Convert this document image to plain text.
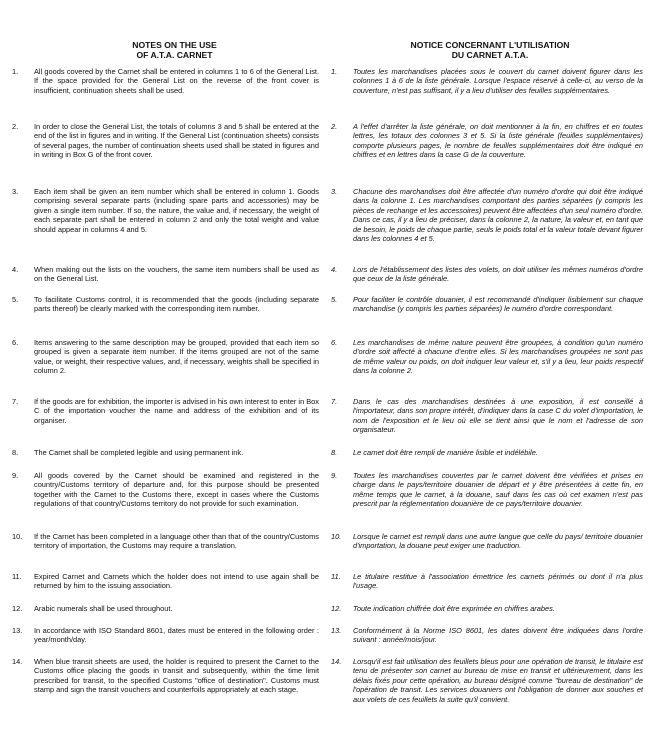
NOTES ON THE USE
OF A.T.A. CARNET
1.	All goods covered by the Carnet shall be entered in columns 1 to 6 of the General List. If the space provided for the General List on the reverse of the front cover is insufficient, continuation sheets shall be used.
2.	In order to close the General List, the totals of columns 3 and 5 shall be entered at the end of the list in figures and in writing. If the General List (continuation sheets) consists of several pages, the number of continuation sheets used shall be stated in figures and in writing in Box G of the front cover.
3.	Each item shall be given an item number which shall be entered in column 1. Goods comprising several separate parts (including spare parts and accessories) may be given a single item number. If so, the nature, the value and, if necessary, the weight of each separate part shall be entered in column 2 and only the total weight and value should appear in columns 4 and 5.
4.	When making out the lists on the vouchers, the same item numbers shall be used as on the General List.
5.	To facilitate Customs control, it is recommended that the goods (including separate parts thereof) be clearly marked with the corresponding item number.
6.	Items answering to the same description may be grouped, provided that each item so grouped is given a separate item number. If the items grouped are not of the same value, or weight, their respective values, and, if necessary, weights shall be specified in column 2.
7.	If the goods are for exhibition, the importer is advised in his own interest to enter in Box C of the importation voucher the name and address of the exhibition and of its organiser.
8.	The Carnet shall be completed legible and using permanent ink.
9.	All goods covered by the Carnet should be examined and registered in the country/Customs territory of departure and, for this purpose should be presented together with the Carnet to the Customs there, except in cases where the Customs regulations of that country/Customs territory do not provide for such examination.
10.	If the Carnet has been completed in a language other than that of the country/Customs territory of importation, the Customs may require a translation.
11.	Expired Carnet and Carnets which the holder does not intend to use again shall be returned by him to the issuing association.
12.	Arabic numerals shall be used throughout.
13.	In accordance with ISO Standard 8601, dates must be entered in the following order : year/month/day.
14.	When blue transit sheets are used, the holder is required to present the Carnet to the Customs office placing the goods in transit and subsequently, within the time limit prescribed for transit, to the specified Customs "office of destination". Customs must stamp and sign the transit vouchers and counterfoils appropriately at each stage.
NOTICE CONCERNANT L'UTILISATION
DU CARNET A.T.A.
1.	Toutes les marchandises placées sous le couvert du carnet doivent figurer dans les colonnes 1 à 6 de la liste générale. Lorsque l'espace réservé à celle-ci, au verso de la couverture, n'est pas suffisant, il y a lieu d'utiliser des feuilles supplémentaires.
2.	A l'effet d'arrêter la liste générale, on doit mentionner à la fin, en chiffres et en toutes lettres, les totaux des colonnes 3 et 5. Si la liste générale (feuilles supplémentaires) comporte plusieurs pages, le nombre de feuilles supplémentaires doit être indiqué en chiffres et en lettres dans la case G de la couverture.
3.	Chacune des marchandises doit être affectée d'un numéro d'ordre qui doit être indiqué dans la colonne 1. Les marchandises comportant des parties séparées (y compris les pièces de rechange et les accessoires) peuvent être affectées d'un seul numéro d'ordre. Dans ce cas, il y a lieu de préciser, dans la colonne 2, la nature, la valeur et, en tant que de besoin, le poids de chaque partie, seuls le poids total et la valeur totale devant figurer dans les colonnes 4 et 5.
4.	Lors de l'établissement des listes des volets, on doit utiliser les mêmes numéros d'ordre que ceux de la liste générale.
5.	Pour faciliter le contrôle douanier, il est recommandé d'indiquer lisiblement sur chaque marchandise (y compris les parties séparées) le numéro d'ordre correspondant.
6.	Les marchandises de même nature peuvent être groupées, à condition qu'un numéro d'ordre soit affecté à chacune d'entre elles. Si les marchandises groupées ne sont pas de même valeur ou poids, on doit indiquer leur valeur et, s'il y a lieu, leur poids respectif dans la colonne 2.
7.	Dans le cas des marchandises destinées à une exposition, il est conseillé à l'importateur, dans son propre intérêt, d'indiquer dans la case C du volet d'importation, le nom de l'exposition et le lieu où elle se tient ainsi que le nom et l'adresse de son organisateur.
8.	Le carnet doit être rempli de manière lisible et indélébile.
9.	Toutes les marchandises couvertes par le carnet doivent être vérifiées et prises en charge dans le pays/territoire douanier de départ et y être présentées à cette fin, en même temps que le carnet, à la douane, sauf dans les cas où cet examen n'est pas prescrit par la réglementation douanière de ce pays/territoire douanier.
10.	Lorsque le carnet est rempli dans une autre langue que celle du pays/ territoire douanier d'importation, la douane peut exiger une traduction.
11.	Le titulaire restitue à l'association émettrice les carnets périmés ou dont il n'a plus l'usage.
12.	Toute indication chiffrée doit être exprimée en chiffres arabes.
13.	Conformément à la Norme ISO 8601, les dates doivent être indiquées dans l'ordre suivant : année/mois/jour.
14.	Lorsqu'il est fait utilisation des feuillets bleus pour une opération de transit, le titulaire est tenu de présenter son carnet au bureau de mise en transit et ultérieurement, dans les délais fixés pour cette opération, au bureau désigné comme "bureau de destination" de l'opération de transit. Les services douaniers ont l'obligation de donner aux souches et aux volets de ces feuillets la suite qu'il convient.
